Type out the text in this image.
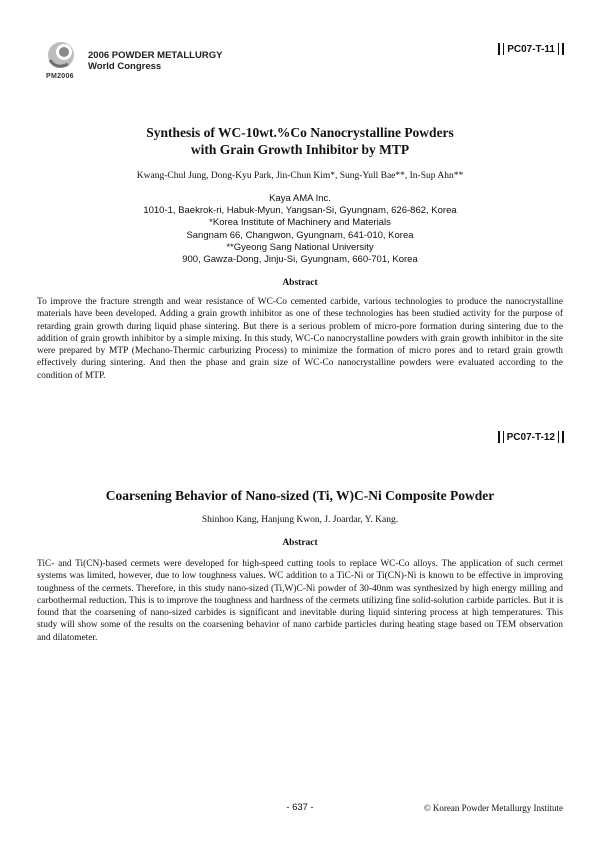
PM2006
2006 POWDER METALLURGY
World Congress
PC07-T-11
Synthesis of WC-10wt.%Co Nanocrystalline Powders
with Grain Growth Inhibitor by MTP
Kwang-Chul Jung, Dong-Kyu Park, Jin-Chun Kim*, Sung-Yull Bae**, In-Sup Ahn**
Kaya AMA Inc.
1010-1, Baekrok-ri, Habuk-Myun, Yangsan-Si, Gyungnam, 626-862, Korea
*Korea Institute of Machinery and Materials
Sangnam 66, Changwon, Gyungnam, 641-010, Korea
**Gyeong Sang National University
900, Gawza-Dong, Jinju-Si, Gyungnam, 660-701, Korea
Abstract
To improve the fracture strength and wear resistance of WC-Co cemented carbide, various technologies to produce the nanocrystalline materials have been developed. Adding a grain growth inhibitor as one of these technologies has been studied activity for the purpose of retarding grain growth during liquid phase sintering. But there is a serious problem of micro-pore formation during sintering due to the addition of grain growth inhibitor by a simple mixing. In this study, WC-Co nanocrystalline powders with grain growth inhibitor in the site were prepared by MTP (Mechano-Thermic carburizing Process) to minimize the formation of micro pores and to retard grain growth effectively during sintering. And then the phase and grain size of WC-Co nanocrystalline powders were evaluated according to the condition of MTP.
PC07-T-12
Coarsening Behavior of Nano-sized (Ti, W)C-Ni Composite Powder
Shinhoo Kang, Hanjung Kwon, J. Joardar, Y. Kang.
Abstract
TiC- and Ti(CN)-based cermets were developed for high-speed cutting tools to replace WC-Co alloys. The application of such cermet systems was limited, however, due to low toughness values. WC addition to a TiC-Ni or Ti(CN)-Ni is known to be effective in improving toughness of the cermets. Therefore, in this study nano-sized (Ti,W)C-Ni powder of 30-40nm was synthesized by high energy milling and carbothermal reduction. This is to improve the toughness and hardness of the cermets utilizing fine solid-solution carbide particles. But it is found that the coarsening of nano-sized carbides is significant and inevitable during liquid sintering process at high temperatures. This study will show some of the results on the coarsening behavior of nano carbide particles during heating stage based on TEM observation and dilatometer.
- 637 -	© Korean Powder Metallurgy Institute
